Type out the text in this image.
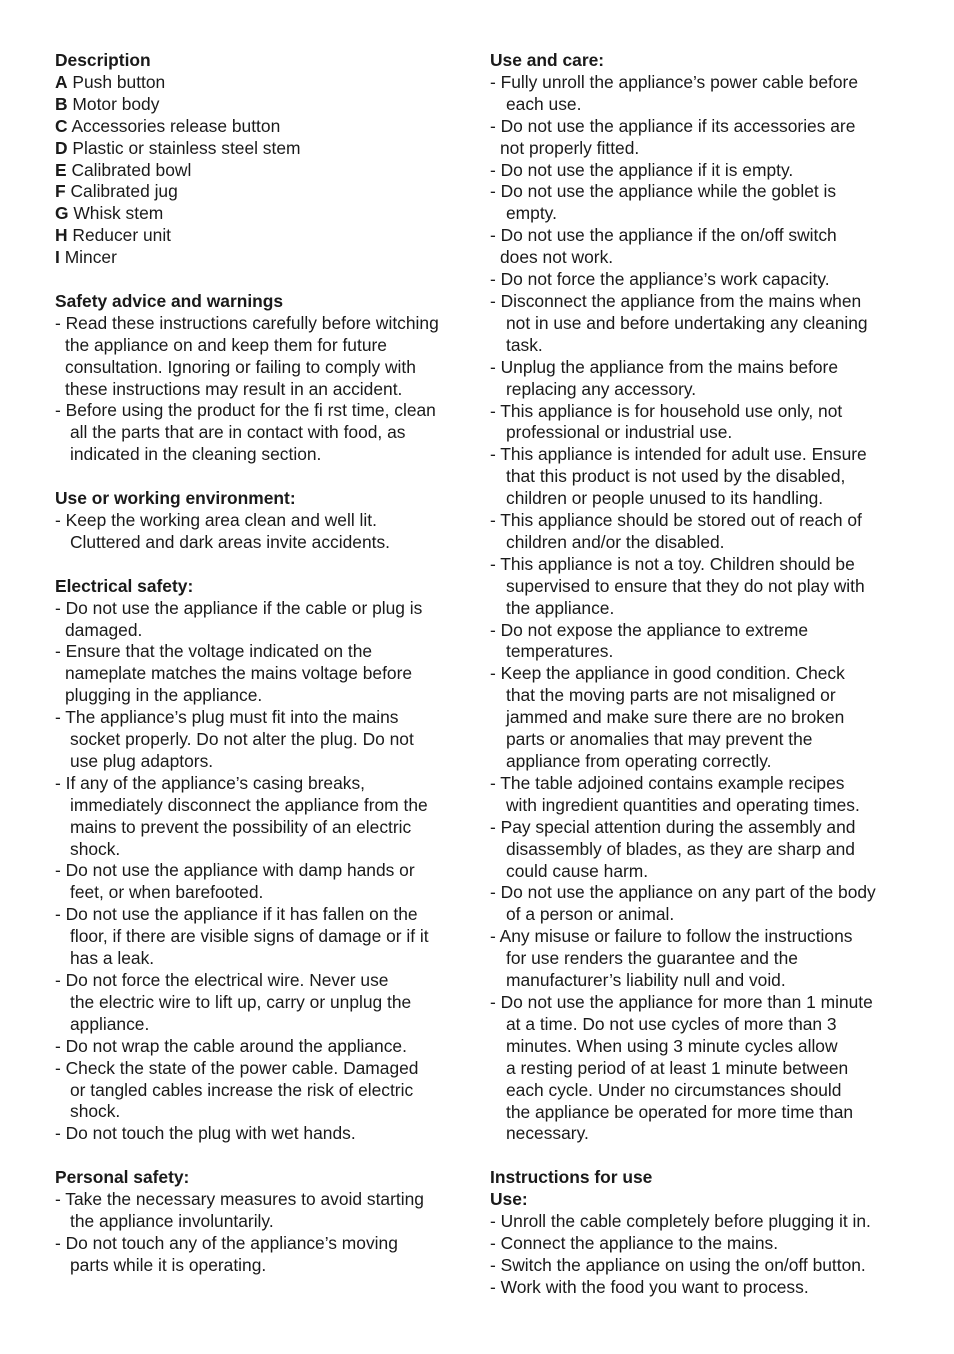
Description
A Push button
B Motor body
C Accessories release button
D Plastic or stainless steel stem
E Calibrated bowl
F Calibrated jug
G Whisk stem
H Reducer unit
I Mincer
Safety advice and warnings
- Read these instructions carefully before witching
the appliance on and keep them for future
consultation. Ignoring or failing to comply with
these instructions may result in an accident.
- Before using the product for the fi rst time, clean
all the parts that are in contact with food, as
indicated in the cleaning section.
Use or working environment:
- Keep the working area clean and well lit.
Cluttered and dark areas invite accidents.
Electrical safety:
- Do not use the appliance if the cable or plug is
damaged.
- Ensure that the voltage indicated on the
nameplate matches the mains voltage before
plugging in the appliance.
- The appliance’s plug must fit into the mains
socket properly. Do not alter the plug. Do not
use plug adaptors.
- If any of the appliance’s casing breaks,
immediately disconnect the appliance from the
mains to prevent the possibility of an electric
shock.
- Do not use the appliance with damp hands or
feet, or when barefooted.
- Do not use the appliance if it has fallen on the
floor, if there are visible signs of damage or if it
has a leak.
- Do not force the electrical wire. Never use
the electric wire to lift up, carry or unplug the
appliance.
- Do not wrap the cable around the appliance.
- Check the state of the power cable. Damaged
or tangled cables increase the risk of electric
shock.
- Do not touch the plug with wet hands.
Personal safety:
- Take the necessary measures to avoid starting
the appliance involuntarily.
- Do not touch any of the appliance’s moving
parts while it is operating.
Use and care:
- Fully unroll the appliance’s power cable before
each use.
- Do not use the appliance if its accessories are
not properly fitted.
- Do not use the appliance if it is empty.
- Do not use the appliance while the goblet is
empty.
- Do not use the appliance if the on/off switch
does not work.
- Do not force the appliance’s work capacity.
- Disconnect the appliance from the mains when
not in use and before undertaking any cleaning
task.
- Unplug the appliance from the mains before
replacing any accessory.
- This appliance is for household use only, not
professional or industrial use.
- This appliance is intended for adult use. Ensure
that this product is not used by the disabled,
children or people unused to its handling.
- This appliance should be stored out of reach of
children and/or the disabled.
- This appliance is not a toy. Children should be
supervised to ensure that they do not play with
the appliance.
- Do not expose the appliance to extreme
temperatures.
- Keep the appliance in good condition. Check
that the moving parts are not misaligned or
jammed and make sure there are no broken
parts or anomalies that may prevent the
appliance from operating correctly.
- The table adjoined contains example recipes
with ingredient quantities and operating times.
- Pay special attention during the assembly and
disassembly of blades, as they are sharp and
could cause harm.
- Do not use the appliance on any part of the body
of a person or animal.
- Any misuse or failure to follow the instructions
for use renders the guarantee and the
manufacturer’s liability null and void.
- Do not use the appliance for more than 1 minute
at a time. Do not use cycles of more than 3
minutes. When using 3 minute cycles allow
a resting period of at least 1 minute between
each cycle. Under no circumstances should
the appliance be operated for more time than
necessary.
Instructions for use
Use:
- Unroll the cable completely before plugging it in.
- Connect the appliance to the mains.
- Switch the appliance on using the on/off button.
- Work with the food you want to process.
